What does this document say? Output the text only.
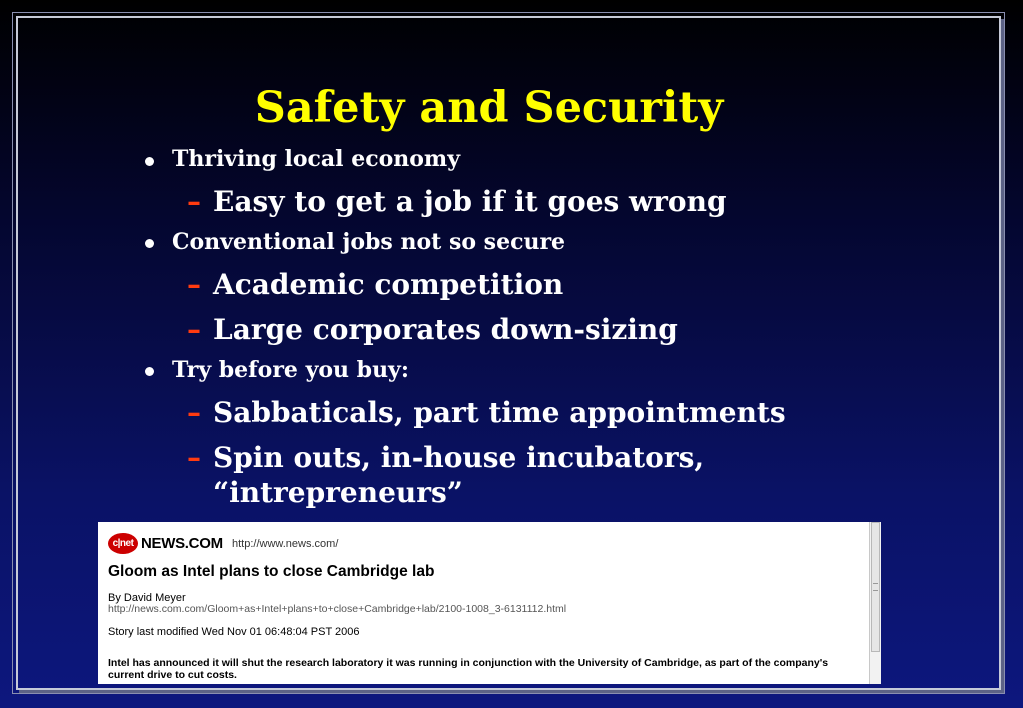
Safety and Security
Thriving local economy
– Easy to get a job if it goes wrong
Conventional jobs not so secure
– Academic competition
– Large corporates down-sizing
Try before you buy:
– Sabbaticals, part time appointments
– Spin outs, in-house incubators,
“intrepreneurs”
c|net NEWS.COM http://www.news.com/
Gloom as Intel plans to close Cambridge lab
By David Meyer
http://news.com.com/Gloom+as+Intel+plans+to+close+Cambridge+lab/2100-1008_3-6131112.html
Story last modified Wed Nov 01 06:48:04 PST 2006
Intel has announced it will shut the research laboratory it was running in conjunction with the University of Cambridge, as part of the company's current drive to cut costs.
